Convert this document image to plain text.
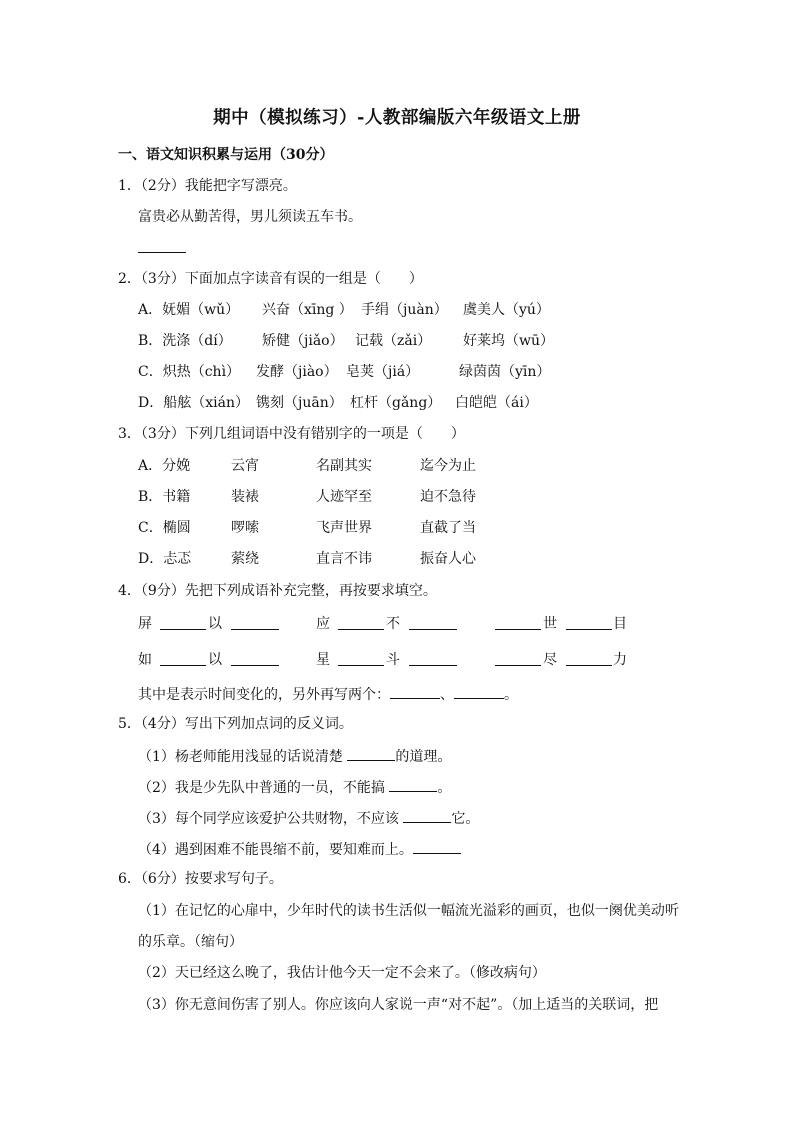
期中（模拟练习）-人教部编版六年级语文上册
一、语文知识积累与运用（30分）
1．（2分）我能把字写漂亮。
富贵必从勤苦得，男儿须读五车书。
2．（3分）下面加点字读音有误的一组是（　　）
A．妩媚（wǔ） 兴奋（xīng ） 手绢（juàn） 虞美人（yú）
B．洗涤（dí） 矫健（jiǎo） 记载（zǎi） 好莱坞（wū）
C．炽热（chì） 发酵（jiào） 皂荚（jiá）	绿茵茵（yīn）
D．船舷（xián） 镌刻（juān） 杠杆（gǎng） 白皑皑（ái）
3．（3分）下列几组词语中没有错别字的一项是（　　）
A．分娩	云宵	名副其实	迄今为止
B．书籍	装裱	人迹罕至	迫不急待
C．椭圆	啰嗦	飞声世界	直截了当
D．忐忑	萦绕	直言不讳	振奋人心
4．（9分）先把下列成语补充完整，再按要求填空。
屏	以	应	不	世	目
如	以	星	斗	尽	力
其中是表示时间变化的，另外再写两个：	、	。
5．（4分）写出下列加点词的反义词。
（1）杨老师能用浅显的话说清楚	的道理。
（2）我是少先队中普通的一员，不能搞	。
（3）每个同学应该爱护公共财物，不应该	它。
（4）遇到困难不能畏缩不前，要知难而上。
6．（6分）按要求写句子。
（1）在记忆的心扉中，少年时代的读书生活似一幅流光溢彩的画页，也似一阕优美动听
的乐章。（缩句）
（2）天已经这么晚了，我估计他今天一定不会来了。（修改病句）
（3）你无意间伤害了别人。你应该向人家说一声“对不起”。（加上适当的关联词，把
